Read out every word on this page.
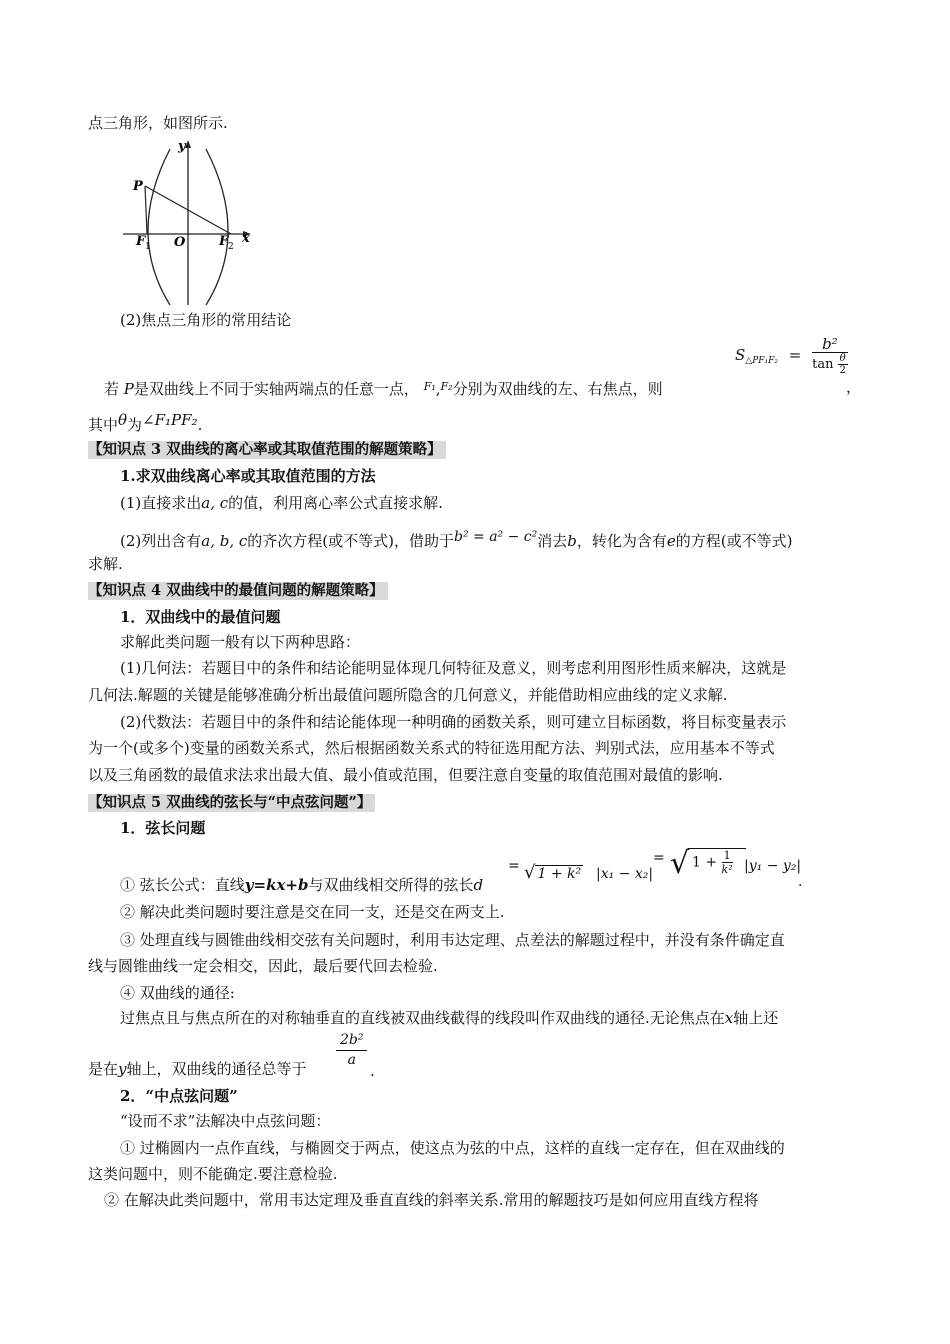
点三角形，如图所示.
y
x
P
O
F 1	F 2
(2)焦点三角形的常用结论
$S_{\triangle PF_1F_2} = \frac{\text{b²}}{\tan \frac{\theta}{2}}$
若 P是双曲线上不同于实轴两端点的任意一点， $^{F_1}$,$^{F_2}$分别为双曲线的左、右焦点，则	，
其中θ为∠F₁PF₂.
【知识点 3 双曲线的离心率或其取值范围的解题策略】
1.求双曲线离心率或其取值范围的方法
(1)直接求出a, c的值，利用离心率公式直接求解.
(2)列出含有a, b, c的齐次方程(或不等式)，借助于b² = a² − c²消去b，转化为含有e的方程(或不等式)
求解.
【知识点 4 双曲线中的最值问题的解题策略】
1．双曲线中的最值问题
求解此类问题一般有以下两种思路：
(1)几何法：若题目中的条件和结论能明显体现几何特征及意义，则考虑利用图形性质来解决，这就是
几何法.解题的关键是能够准确分析出最值问题所隐含的几何意义，并能借助相应曲线的定义求解.
(2)代数法：若题目中的条件和结论能体现一种明确的函数关系，则可建立目标函数，将目标变量表示
为一个(或多个)变量的函数关系式，然后根据函数关系式的特征选用配方法、判别式法，应用基本不等式
以及三角函数的最值求法求出最大值、最小值或范围，但要注意自变量的取值范围对最值的影响.
【知识点 5 双曲线的弦长与“中点弦问题”】
1．弦长问题
① 弦长公式：直线y=kx+b与双曲线相交所得的弦长d
= √ 1 + k² |x₁ − x₂|
= √ $1 + \frac{1}{\text{k²}} |y_1 - y_2|$
.
② 解决此类问题时要注意是交在同一支，还是交在两支上.
③ 处理直线与圆锥曲线相交弦有关问题时，利用韦达定理、点差法的解题过程中，并没有条件确定直
线与圆锥曲线一定会相交，因此，最后要代回去检验.
④ 双曲线的通径:
过焦点且与焦点所在的对称轴垂直的直线被双曲线截得的线段叫作双曲线的通径.无论焦点在x轴上还
是在y轴上，双曲线的通径总等于	$\frac{\text{2b²}}{a}$
.
2．“中点弦问题”
“设而不求”法解决中点弦问题：
① 过椭圆内一点作直线，与椭圆交于两点，使这点为弦的中点，这样的直线一定存在，但在双曲线的
这类问题中，则不能确定.要注意检验.
② 在解决此类问题中，常用韦达定理及垂直直线的斜率关系.常用的解题技巧是如何应用直线方程将
